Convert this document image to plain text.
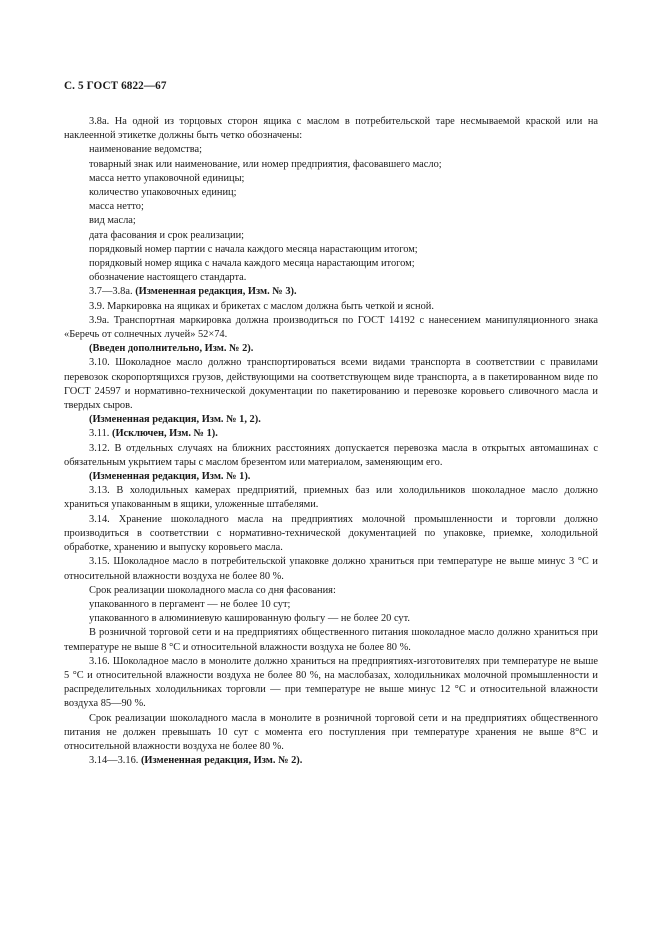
С. 5 ГОСТ 6822—67

3.8а. На одной из торцовых сторон ящика с маслом в потребительской таре несмываемой краской или на наклеенной этикетке должны быть четко обозначены:

наименование ведомства;
товарный знак или наименование, или номер предприятия, фасовавшего масло;
масса нетто упаковочной единицы;
количество упаковочных единиц;
масса нетто;
вид масла;
дата фасования и срок реализации;
порядковый номер партии с начала каждого месяца нарастающим итогом;
порядковый номер ящика с начала каждого месяца нарастающим итогом;
обозначение настоящего стандарта.

3.7—3.8а. (Измененная редакция, Изм. № 3).

3.9. Маркировка на ящиках и брикетах с маслом должна быть четкой и ясной.

3.9а. Транспортная маркировка должна производиться по ГОСТ 14192 с нанесением манипуляционного знака «Беречь от солнечных лучей» 52×74.

(Введен дополнительно, Изм. № 2).

3.10. Шоколадное масло должно транспортироваться всеми видами транспорта в соответствии с правилами перевозок скоропортящихся грузов, действующими на соответствующем виде транспорта, а в пакетированном виде по ГОСТ 24597 и нормативно-технической документации по пакетированию и перевозке коровьего сливочного масла и твердых сыров.

(Измененная редакция, Изм. № 1, 2).

3.11. (Исключен, Изм. № 1).

3.12. В отдельных случаях на ближних расстояниях допускается перевозка масла в открытых автомашинах с обязательным укрытием тары с маслом брезентом или материалом, заменяющим его.

(Измененная редакция, Изм. № 1).

3.13. В холодильных камерах предприятий, приемных баз или холодильников шоколадное масло должно храниться упакованным в ящики, уложенные штабелями.

3.14. Хранение шоколадного масла на предприятиях молочной промышленности и торговли должно производиться в соответствии с нормативно-технической документацией по упаковке, приемке, холодильной обработке, хранению и выпуску коровьего масла.

3.15. Шоколадное масло в потребительской упаковке должно храниться при температуре не выше минус 3 °С и относительной влажности воздуха не более 80 %.

Срок реализации шоколадного масла со дня фасования:

упакованного в пергамент — не более 10 сут;
упакованного в алюминиевую кашированную фольгу — не более 20 сут.

В розничной торговой сети и на предприятиях общественного питания шоколадное масло должно храниться при температуре не выше 8 °С и относительной влажности воздуха не более 80 %.

3.16. Шоколадное масло в монолите должно храниться на предприятиях-изготовителях при температуре не выше 5 °С и относительной влажности воздуха не более 80 %, на маслобазах, холодильниках молочной промышленности и распределительных холодильниках торговли — при температуре не выше минус 12 °С и относительной влажности воздуха 85—90 %.

Срок реализации шоколадного масла в монолите в розничной торговой сети и на предприятиях общественного питания не должен превышать 10 сут с момента его поступления при температуре хранения не выше 8°С и относительной влажности воздуха не более 80 %.

3.14—3.16. (Измененная редакция, Изм. № 2).
